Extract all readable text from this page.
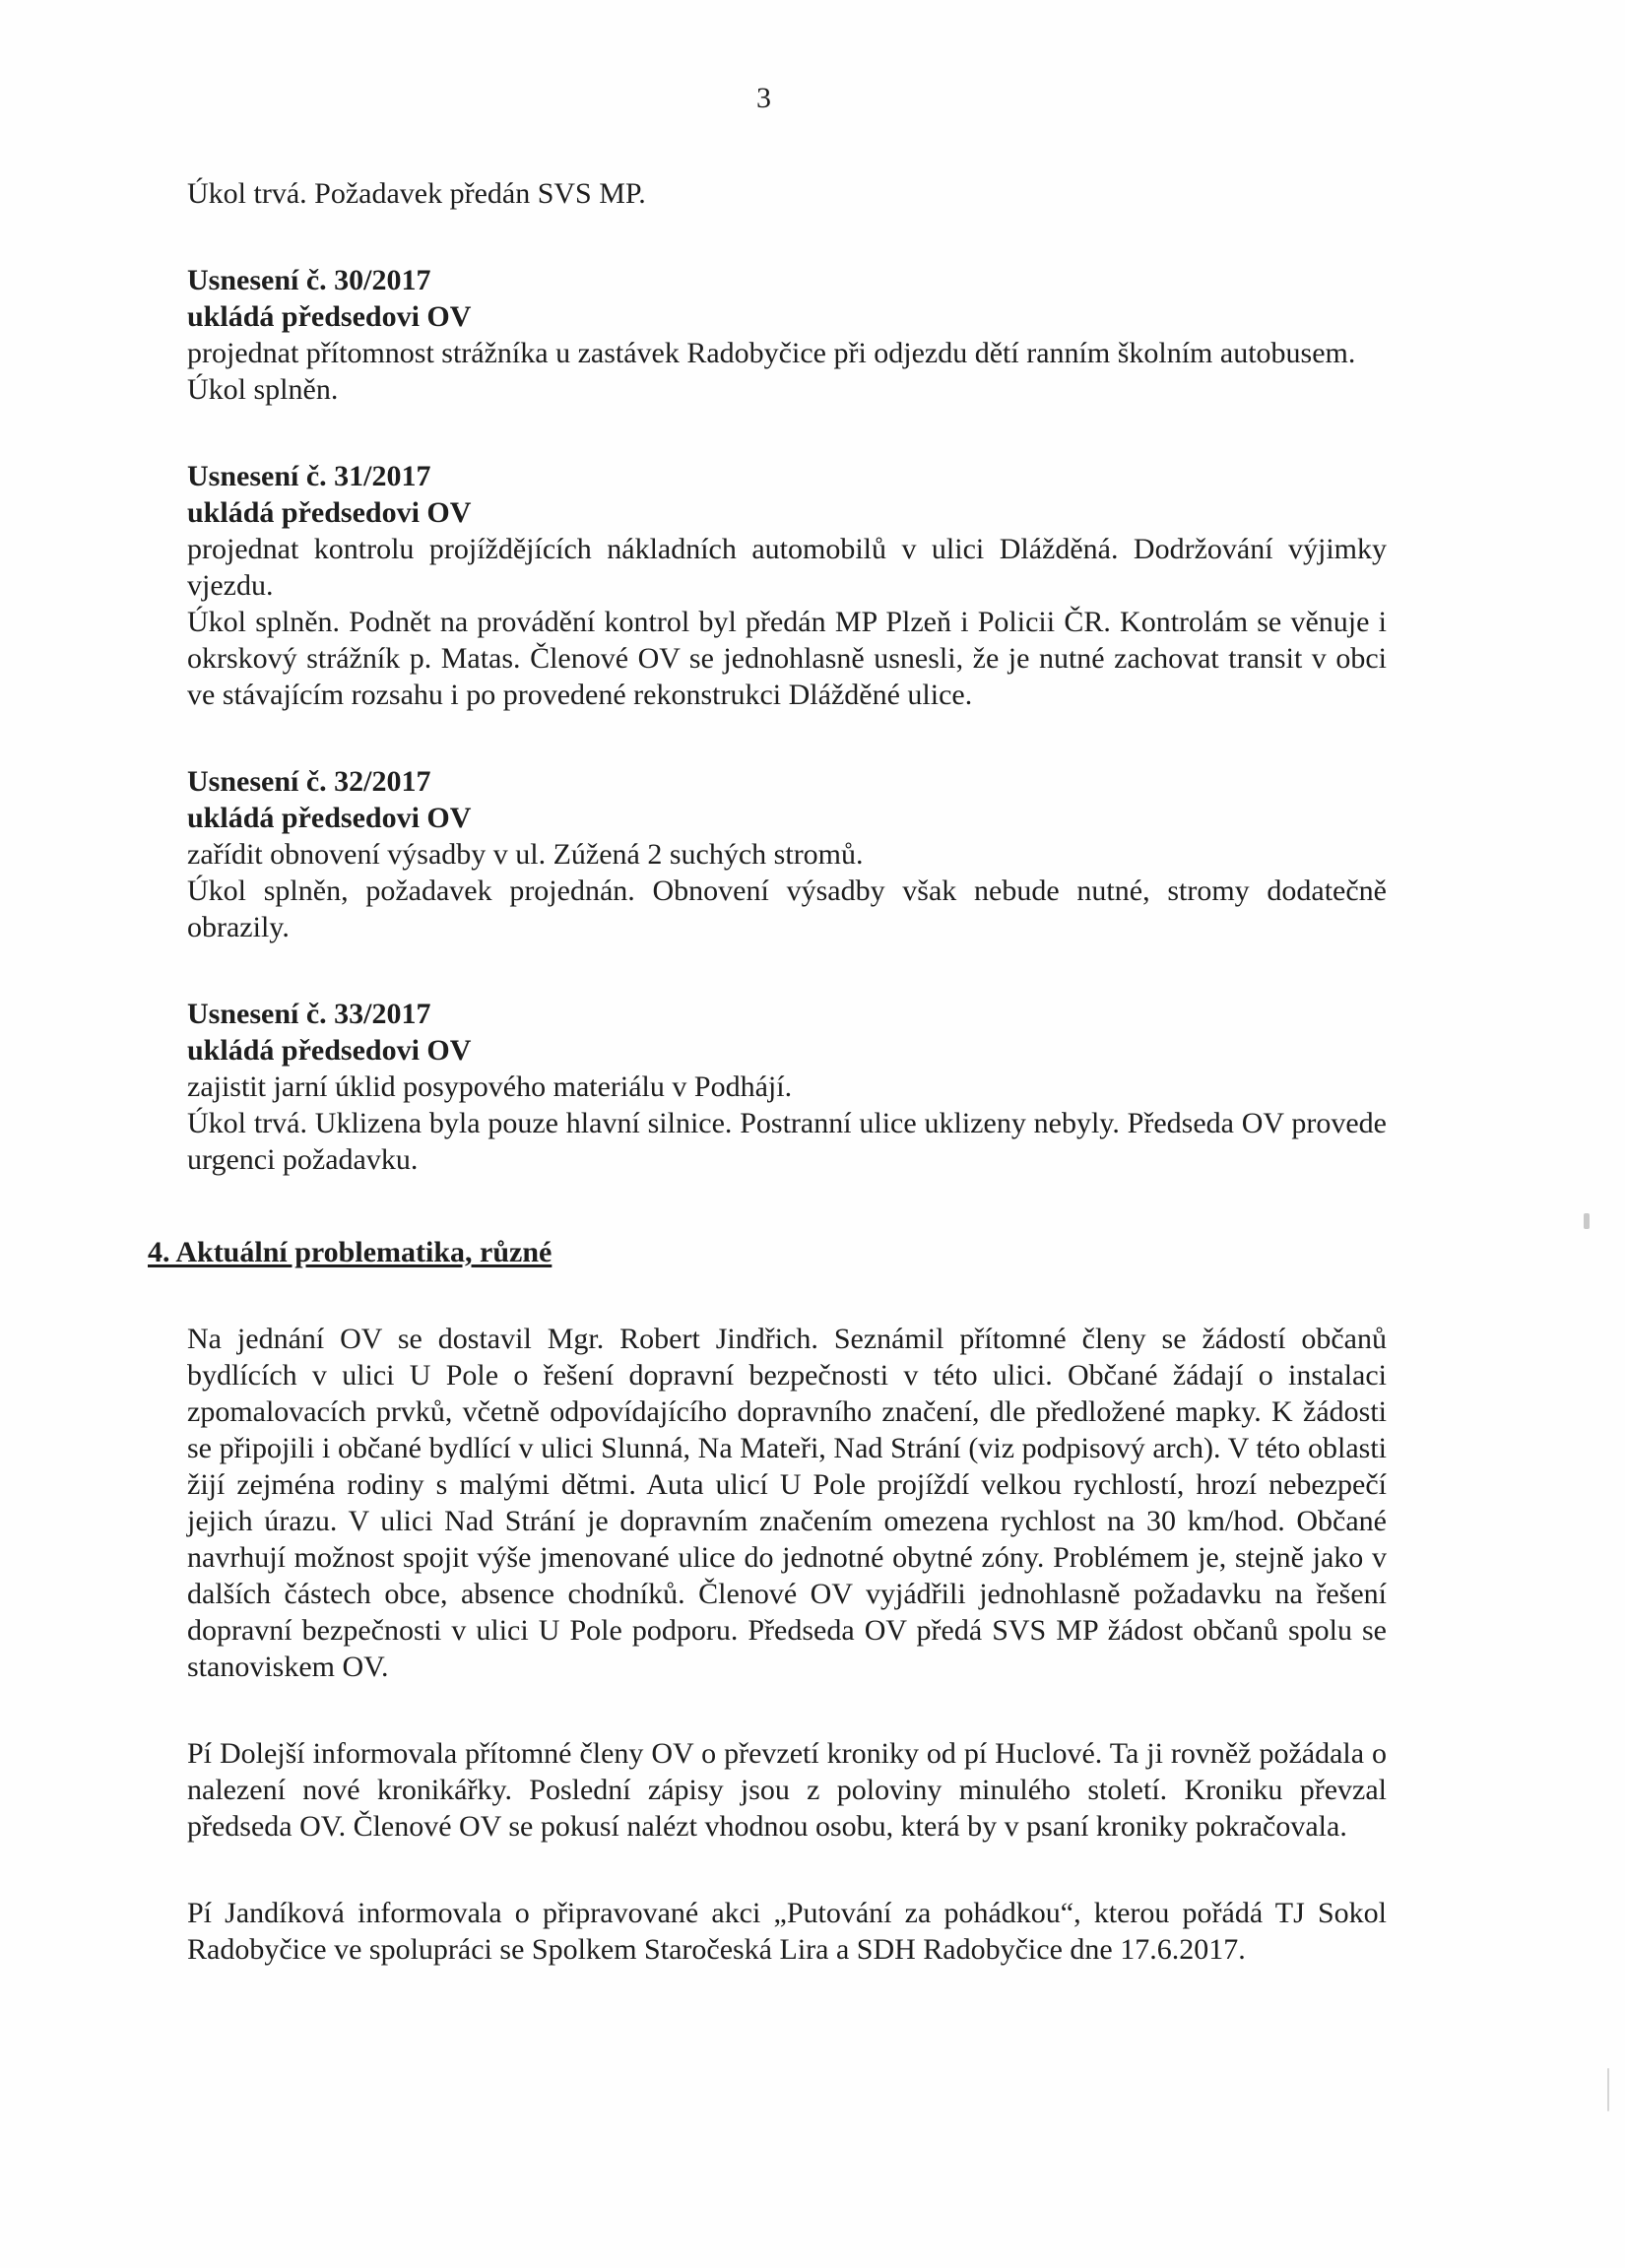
3

Úkol trvá. Požadavek předán SVS MP.

Usnesení č. 30/2017

ukládá předsedovi OV

projednat přítomnost strážníka u zastávek Radobyčice při odjezdu dětí ranním školním autobusem.

Úkol splněn.

Usnesení č. 31/2017

ukládá předsedovi OV

projednat kontrolu projíždějících nákladních automobilů v ulici Dlážděná. Dodržování výjimky vjezdu.

Úkol splněn. Podnět na provádění kontrol byl předán MP Plzeň i Policii ČR. Kontrolám se věnuje i okrskový strážník p. Matas. Členové OV se jednohlasně usnesli, že je nutné zachovat transit v obci ve stávajícím rozsahu i po provedené rekonstrukci Dlážděné ulice.

Usnesení č. 32/2017

ukládá předsedovi OV

zařídit obnovení výsadby v ul. Zúžená 2 suchých stromů.

Úkol splněn, požadavek projednán. Obnovení výsadby však nebude nutné, stromy dodatečně obrazily.

Usnesení č. 33/2017

ukládá předsedovi OV

zajistit jarní úklid posypového materiálu v Podhájí.

Úkol trvá. Uklizena byla pouze hlavní silnice. Postranní ulice uklizeny nebyly. Předseda OV provede urgenci požadavku.

4. Aktuální problematika, různé

Na jednání OV se dostavil Mgr. Robert Jindřich. Seznámil přítomné členy se žádostí občanů bydlících v ulici U Pole o řešení dopravní bezpečnosti v této ulici. Občané žádají o instalaci zpomalovacích prvků, včetně odpovídajícího dopravního značení, dle předložené mapky. K žádosti se připojili i občané bydlící v ulici Slunná, Na Mateři, Nad Strání (viz podpisový arch). V této oblasti žijí zejména rodiny s malými dětmi. Auta ulicí U Pole projíždí velkou rychlostí, hrozí nebezpečí jejich úrazu. V ulici Nad Strání je dopravním značením omezena rychlost na 30 km/hod. Občané navrhují možnost spojit výše jmenované ulice do jednotné obytné zóny. Problémem je, stejně jako v dalších částech obce, absence chodníků. Členové OV vyjádřili jednohlasně požadavku na řešení dopravní bezpečnosti v ulici U Pole podporu. Předseda OV předá SVS MP žádost občanů spolu se stanoviskem OV.

Pí Dolejší informovala přítomné členy OV o převzetí kroniky od pí Huclové. Ta ji rovněž požádala o nalezení nové kronikářky. Poslední zápisy jsou z poloviny minulého století. Kroniku převzal předseda OV. Členové OV se pokusí nalézt vhodnou osobu, která by v psaní kroniky pokračovala.

Pí Jandíková informovala o připravované akci „Putování za pohádkou“, kterou pořádá TJ Sokol Radobyčice ve spolupráci se Spolkem Staročeská Lira a SDH Radobyčice dne 17.6.2017.
